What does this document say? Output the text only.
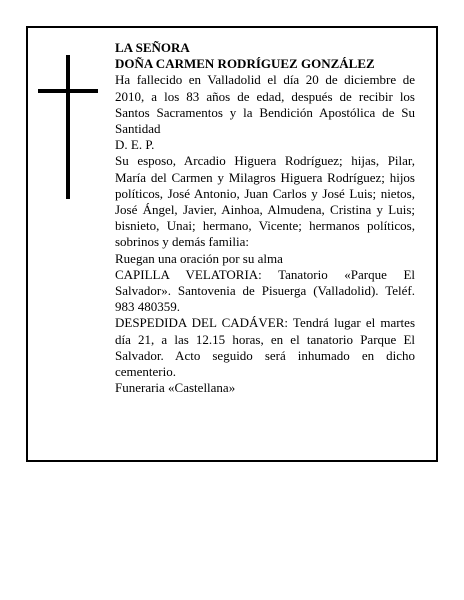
LA SEÑORA

DOÑA CARMEN RODRÍGUEZ GONZÁLEZ

Ha fallecido en Valladolid el día 20 de diciembre de 2010, a los 83 años de edad, después de recibir los Santos Sacramentos y la Bendición Apostólica de Su Santidad

D. E. P.

Su esposo, Arcadio Higuera Rodríguez; hijas, Pilar, María del Carmen y Milagros Higuera Rodríguez; hijos políticos, José Antonio, Juan Carlos y José Luis; nietos, José Ángel, Javier, Ainhoa, Almudena, Cristina y Luis; bisnieto, Unai; hermano, Vicente; hermanos políticos, sobrinos y demás familia:

Ruegan una oración por su alma

CAPILLA VELATORIA: Tanatorio «Parque El Salvador». Santovenia de Pisuerga (Valladolid). Teléf. 983 480359.

DESPEDIDA DEL CADÁVER: Tendrá lugar el martes día 21, a las 12.15 horas, en el tanatorio Parque El Salvador. Acto seguido será inhumado en dicho cementerio.

Funeraria «Castellana»
